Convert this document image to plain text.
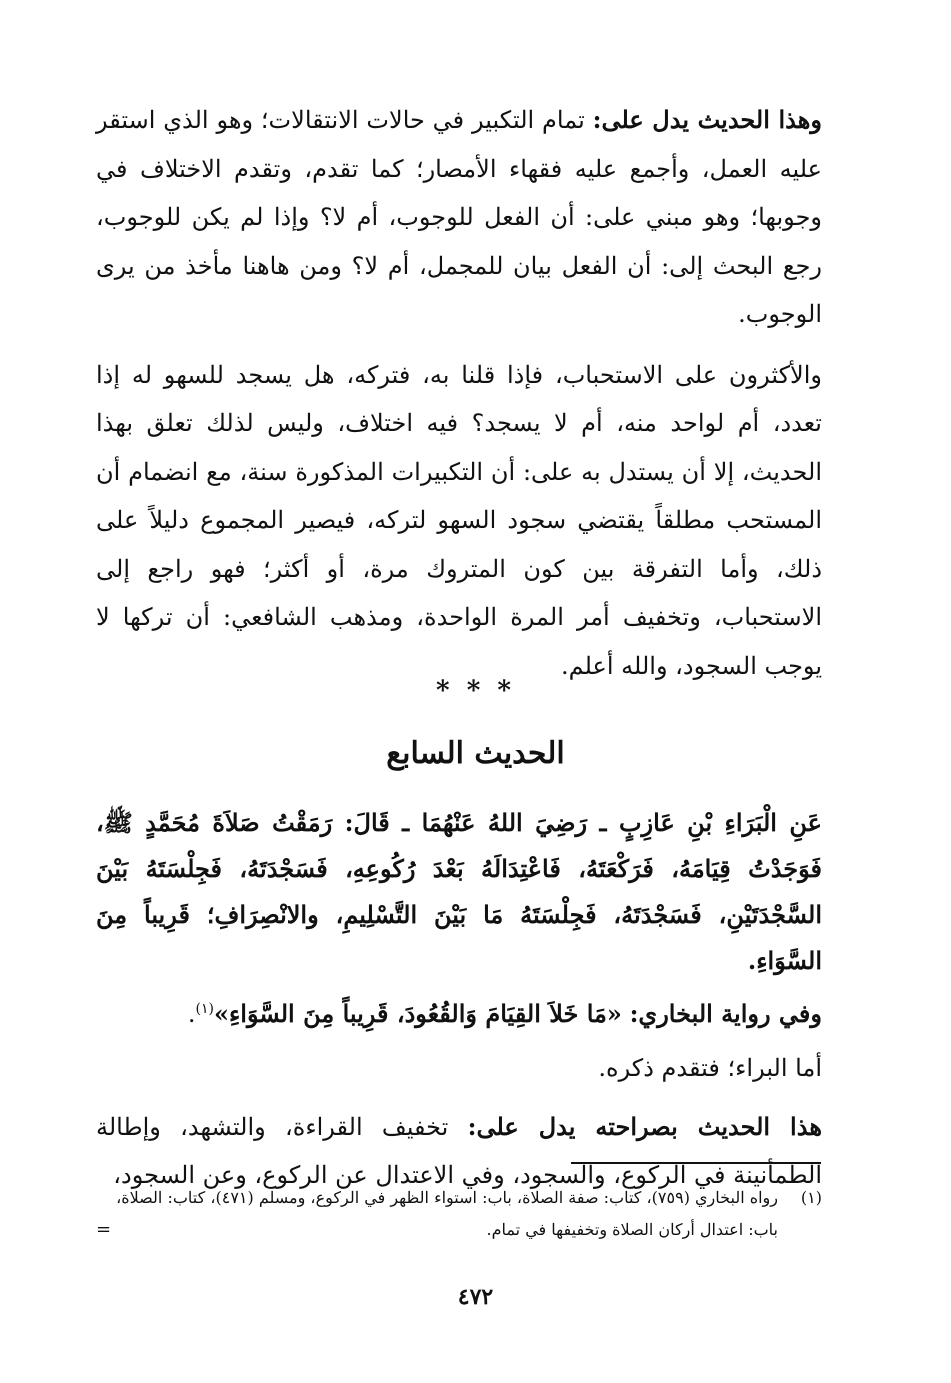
وهذا الحديث يدل على: تمام التكبير في حالات الانتقالات؛ وهو الذي استقر عليه العمل، وأجمع عليه فقهاء الأمصار؛ كما تقدم، وتقدم الاختلاف في وجوبها؛ وهو مبني على: أن الفعل للوجوب، أم لا؟ وإذا لم يكن للوجوب، رجع البحث إلى: أن الفعل بيان للمجمل، أم لا؟ ومن هاهنا مأخذ من يرى الوجوب.

والأكثرون على الاستحباب، فإذا قلنا به، فتركه، هل يسجد للسهو له إذا تعدد، أم لواحد منه، أم لا يسجد؟ فيه اختلاف، وليس لذلك تعلق بهذا الحديث، إلا أن يستدل به على: أن التكبيرات المذكورة سنة، مع انضمام أن المستحب مطلقاً يقتضي سجود السهو لتركه، فيصير المجموع دليلاً على ذلك، وأما التفرقة بين كون المتروك مرة، أو أكثر؛ فهو راجع إلى الاستحباب، وتخفيف أمر المرة الواحدة، ومذهب الشافعي: أن تركها لا يوجب السجود، والله أعلم.

* * *
الحديث السابع

عَنِ الْبَرَاءِ بْنِ عَازِبٍ ـ رَضِيَ اللهُ عَنْهُمَا ـ قَالَ: رَمَقْتُ صَلاَةَ مُحَمَّدٍ ﷺ، فَوَجَدْتُ قِيَامَهُ، فَرَكْعَتَهُ، فَاعْتِدَالَهُ بَعْدَ رُكُوعِهِ، فَسَجْدَتَهُ، فَجِلْسَتَهُ بَيْنَ السَّجْدَتَيْنِ، فَسَجْدَتَهُ، فَجِلْسَتَهُ مَا بَيْنَ التَّسْلِيمِ، والانْصِرَافِ؛ قَرِيباً مِنَ السَّوَاءِ.

وفي رواية البخاري: «مَا خَلاَ القِيَامَ وَالقُعُودَ، قَرِيباً مِنَ السَّوَاءِ»$^{(١)}$.

أما البراء؛ فتقدم ذكره.

هذا الحديث بصراحته يدل على: تخفيف القراءة، والتشهد، وإطالة الطمأنينة في الركوع، والسجود، وفي الاعتدال عن الركوع، وعن السجود،

(١)
رواه البخاري (٧٥٩)، كتاب: صفة الصلاة، باب: استواء الظهر في الركوع، ومسلم (٤٧١)، كتاب: الصلاة، باب: اعتدال أركان الصلاة وتخفيفها في تمام.
=
٤٧٢
